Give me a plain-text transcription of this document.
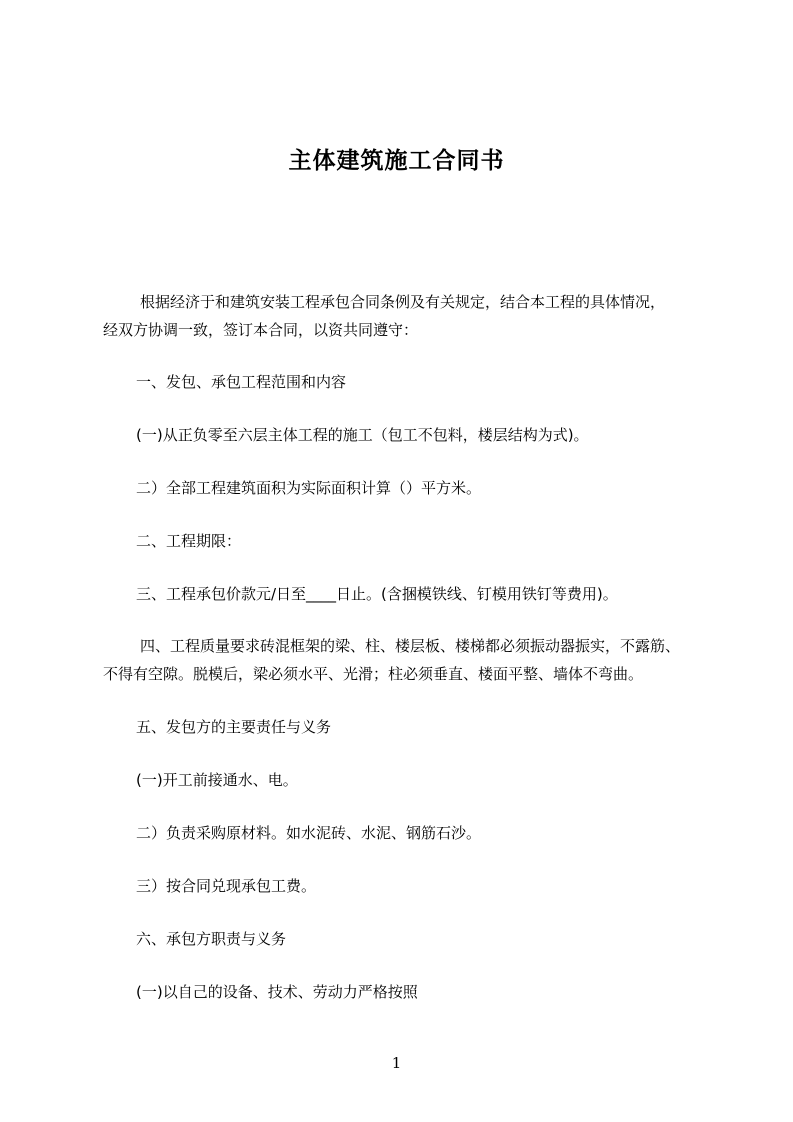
主体建筑施工合同书
根据经济于和建筑安装工程承包合同条例及有关规定，结合本工程的具体情况，
经双方协调一致，签订本合同，以资共同遵守：
一、发包、承包工程范围和内容
(一)从正负零至六层主体工程的施工（包工不包料，楼层结构为式)。
二）全部工程建筑面积为实际面积计算（）平方米。
二、工程期限：
三、工程承包价款元/日至____日止。(含捆模铁线、钉模用铁钉等费用)。
四、工程质量要求砖混框架的梁、柱、楼层板、楼梯都必须振动器振实，不露筋、
不得有空隙。脱模后，梁必须水平、光滑；柱必须垂直、楼面平整、墙体不弯曲。
五、发包方的主要责任与义务
(一)开工前接通水、电。
二）负责采购原材料。如水泥砖、水泥、钢筋石沙。
三）按合同兑现承包工费。
六、承包方职责与义务
(一)以自己的设备、技术、劳动力严格按照
1
